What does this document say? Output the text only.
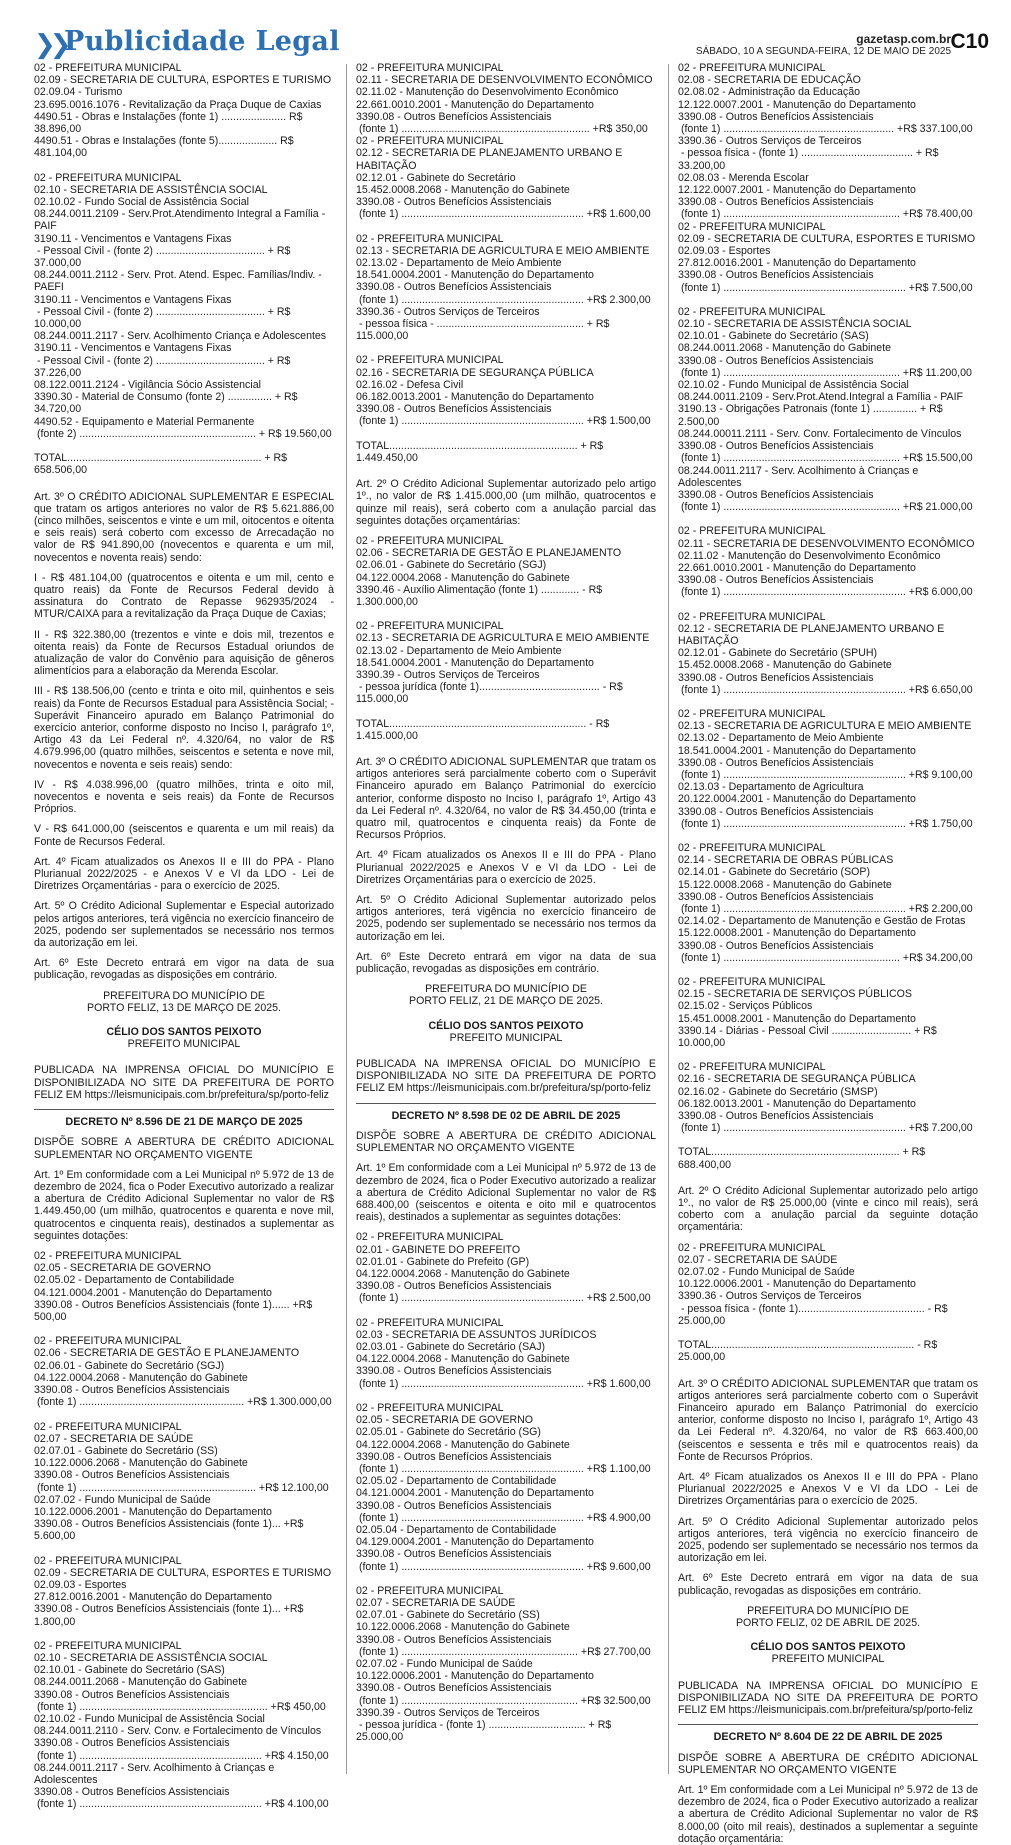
❯❯
Publicidade Legal	gazetasp.com.br
SÁBADO, 10 A SEGUNDA-FEIRA, 12 DE MAIO DE 2025 C10
02 - PREFEITURA MUNICIPAL
02.09 - SECRETARIA DE CULTURA, ESPORTES E TURISMO
02.09.04 - Turismo
23.695.0016.1076 - Revitalização da Praça Duque de Caxias
4490.51 - Obras e Instalações (fonte 1) ...................... R$ 38.896,00
4490.51 - Obras e Instalações (fonte 5).................... R$ 481.104,00
02 - PREFEITURA MUNICIPAL
02.10 - SECRETARIA DE ASSISTÊNCIA SOCIAL
02.10.02 - Fundo Social de Assistência Social
08.244.0011.2109 - Serv.Prot.Atendimento Integral a Família - PAIF
3190.11 - Vencimentos e Vantagens Fixas
- Pessoal Civil - (fonte 2) ..................................... + R$ 37.000,00
08.244.0011.2112 - Serv. Prot. Atend. Espec. Famílias/Indiv. - PAEFI
3190.11 - Vencimentos e Vantagens Fixas
- Pessoal Civil - (fonte 2) ..................................... + R$ 10.000,00
08.244.0011.2117 - Serv. Acolhimento Criança e Adolescentes
3190.11 - Vencimentos e Vantagens Fixas
- Pessoal Civil - (fonte 2) ..................................... + R$ 37.226,00
08.122.0011.2124 - Vigilância Sócio Assistencial
3390.30 - Material de Consumo (fonte 2) ............... + R$ 34.720,00
4490.52 - Equipamento e Material Permanente
(fonte 2) ............................................................ + R$ 19.560,00
TOTAL.................................................................. + R$ 658.506,00
Art. 3º O CRÉDITO ADICIONAL SUPLEMENTAR E ESPECIAL que tratam os artigos anteriores no valor de R$ 5.621.886,00 (cinco milhões, seiscentos e vinte e um mil, oitocentos e oitenta e seis reais) será coberto com excesso de Arrecadação no valor de R$ 941.890,00 (novecentos e quarenta e um mil, novecentos e noventa reais) sendo:
I - R$ 481.104,00 (quatrocentos e oitenta e um mil, cento e quatro reais) da Fonte de Recursos Federal devido à assinatura do Contrato de Repasse 962935/2024 -MTUR/CAIXA para a revitalização da Praça Duque de Caxias;
II - R$ 322.380,00 (trezentos e vinte e dois mil, trezentos e oitenta reais) da Fonte de Recursos Estadual oriundos de atualização de valor do Convênio para aquisição de gêneros alimentícios para a elaboração da Merenda Escolar.
III - R$ 138.506,00 (cento e trinta e oito mil, quinhentos e seis reais) da Fonte de Recursos Estadual para Assistência Social; - Superávit Financeiro apurado em Balanço Patrimonial do exercício anterior, conforme disposto no Inciso I, parágrafo 1º, Artigo 43 da Lei Federal nº. 4.320/64, no valor de R$ 4.679.996,00 (quatro milhões, seiscentos e setenta e nove mil, novecentos e noventa e seis reais) sendo:
IV - R$ 4.038.996,00 (quatro milhões, trinta e oito mil, novecentos e noventa e seis reais) da Fonte de Recursos Próprios.
V - R$ 641.000,00 (seiscentos e quarenta e um mil reais) da Fonte de Recursos Federal.
Art. 4º Ficam atualizados os Anexos II e III do PPA - Plano Plurianual 2022/2025 - e Anexos V e VI da LDO - Lei de Diretrizes Orçamentárias - para o exercício de 2025.
Art. 5º O Crédito Adicional Suplementar e Especial autorizado pelos artigos anteriores, terá vigência no exercício financeiro de 2025, podendo ser suplementados se necessário nos termos da autorização em lei.
Art. 6º Este Decreto entrará em vigor na data de sua publicação, revogadas as disposições em contrário.
PREFEITURA DO MUNICÍPIO DE
PORTO FELIZ, 13 DE MARÇO DE 2025.
CÉLIO DOS SANTOS PEIXOTO
PREFEITO MUNICIPAL
PUBLICADA NA IMPRENSA OFICIAL DO MUNICÍPIO E DISPONIBILIZADA NO SITE DA PREFEITURA DE PORTO FELIZ EM https://leismunicipais.com.br/prefeitura/sp/porto-feliz
DECRETO Nº 8.596 DE 21 DE MARÇO DE 2025
DISPÕE SOBRE A ABERTURA DE CRÉDITO ADICIONAL SUPLEMENTAR NO ORÇAMENTO VIGENTE
Art. 1º Em conformidade com a Lei Municipal nº 5.972 de 13 de dezembro de 2024, fica o Poder Executivo autorizado a realizar a abertura de Crédito Adicional Suplementar no valor de R$ 1.449.450,00 (um milhão, quatrocentos e quarenta e nove mil, quatrocentos e cinquenta reais), destinados a suplementar as seguintes dotações:
02 - PREFEITURA MUNICIPAL
02.05 - SECRETARIA DE GOVERNO
02.05.02 - Departamento de Contabilidade
04.121.0004.2001 - Manutenção do Departamento
3390.08 - Outros Benefícios Assistenciais (fonte 1)...... +R$ 500,00
02 - PREFEITURA MUNICIPAL
02.06 - SECRETARIA DE GESTÃO E PLANEJAMENTO
02.06.01 - Gabinete do Secretário (SGJ)
04.122.0004.2068 - Manutenção do Gabinete
3390.08 - Outros Benefícios Assistenciais
(fonte 1) ........................................................ +R$ 1.300.000,00
02 - PREFEITURA MUNICIPAL
02.07 - SECRETARIA DE SAÚDE
02.07.01 - Gabinete do Secretário (SS)
10.122.0006.2068 - Manutenção do Gabinete
3390.08 - Outros Benefícios Assistenciais
(fonte 1) ............................................................ +R$ 12.100,00
02.07.02 - Fundo Municipal de Saúde
10.122.0006.2001 - Manutenção do Departamento
3390.08 - Outros Benefícios Assistenciais (fonte 1)... +R$ 5.600,00
02 - PREFEITURA MUNICIPAL
02.09 - SECRETARIA DE CULTURA, ESPORTES E TURISMO
02.09.03 - Esportes
27.812.0016.2001 - Manutenção do Departamento
3390.08 - Outros Benefícios Assistenciais (fonte 1)... +R$ 1.800,00
02 - PREFEITURA MUNICIPAL
02.10 - SECRETARIA DE ASSISTÊNCIA SOCIAL
02.10.01 - Gabinete do Secretário (SAS)
08.244.0011.2068 - Manutenção do Gabinete
3390.08 - Outros Benefícios Assistenciais
(fonte 1) ................................................................ +R$ 450,00
02.10.02 - Fundo Municipal de Assistência Social
08.244.0011.2110 - Serv. Conv. e Fortalecimento de Vínculos
3390.08 - Outros Benefícios Assistenciais
(fonte 1) .............................................................. +R$ 4.150,00
08.244.0011.2117 - Serv. Acolhimento à Crianças e Adolescentes
3390.08 - Outros Benefícios Assistenciais
(fonte 1) .............................................................. +R$ 4.100,00
02 - PREFEITURA MUNICIPAL
02.11 - SECRETARIA DE DESENVOLVIMENTO ECONÔMICO
02.11.02 - Manutenção do Desenvolvimento Econômico
22.661.0010.2001 - Manutenção do Departamento
3390.08 - Outros Benefícios Assistenciais
(fonte 1) ................................................................ +R$ 350,00
02 - PREFEITURA MUNICIPAL
02.12 - SECRETARIA DE PLANEJAMENTO URBANO E HABITAÇÃO
02.12.01 - Gabinete do Secretário
15.452.0008.2068 - Manutenção do Gabinete
3390.08 - Outros Benefícios Assistenciais
(fonte 1) .............................................................. +R$ 1.600,00
02 - PREFEITURA MUNICIPAL
02.13 - SECRETARIA DE AGRICULTURA E MEIO AMBIENTE
02.13.02 - Departamento de Meio Ambiente
18.541.0004.2001 - Manutenção do Departamento
3390.08 - Outros Benefícios Assistenciais
(fonte 1) .............................................................. +R$ 2.300,00
3390.36 - Outros Serviços de Terceiros
- pessoa física - .................................................. + R$ 115.000,00
02 - PREFEITURA MUNICIPAL
02.16 - SECRETARIA DE SEGURANÇA PÚBLICA
02.16.02 - Defesa Civil
06.182.0013.2001 - Manutenção do Departamento
3390.08 - Outros Benefícios Assistenciais
(fonte 1) .............................................................. +R$ 1.500,00
TOTAL................................................................ + R$ 1.449.450,00
Art. 2º O Crédito Adicional Suplementar autorizado pelo artigo 1º., no valor de R$ 1.415.000,00 (um milhão, quatrocentos e quinze mil reais), será coberto com a anulação parcial das seguintes dotações orçamentárias:
02 - PREFEITURA MUNICIPAL
02.06 - SECRETARIA DE GESTÃO E PLANEJAMENTO
02.06.01 - Gabinete do Secretário (SGJ)
04.122.0004.2068 - Manutenção do Gabinete
3390.46 - Auxílio Alimentação (fonte 1) ............. - R$ 1.300.000,00
02 - PREFEITURA MUNICIPAL
02.13 - SECRETARIA DE AGRICULTURA E MEIO AMBIENTE
02.13.02 - Departamento de Meio Ambiente
18.541.0004.2001 - Manutenção do Departamento
3390.39 - Outros Serviços de Terceiros
- pessoa jurídica (fonte 1)......................................... - R$ 115.000,00
TOTAL................................................................... - R$ 1.415.000,00
Art. 3º O CRÉDITO ADICIONAL SUPLEMENTAR que tratam os artigos anteriores será parcialmente coberto com o Superávit Financeiro apurado em Balanço Patrimonial do exercício anterior, conforme disposto no Inciso I, parágrafo 1º, Artigo 43 da Lei Federal nº. 4.320/64, no valor de R$ 34.450,00 (trinta e quatro mil, quatrocentos e cinquenta reais) da Fonte de Recursos Próprios.
Art. 4º Ficam atualizados os Anexos II e III do PPA - Plano Plurianual 2022/2025 e Anexos V e VI da LDO - Lei de Diretrizes Orçamentárias para o exercício de 2025.
Art. 5º O Crédito Adicional Suplementar autorizado pelos artigos anteriores, terá vigência no exercício financeiro de 2025, podendo ser suplementado se necessário nos termos da autorização em lei.
Art. 6º Este Decreto entrará em vigor na data de sua publicação, revogadas as disposições em contrário.
PREFEITURA DO MUNICÍPIO DE
PORTO FELIZ, 21 DE MARÇO DE 2025.
CÉLIO DOS SANTOS PEIXOTO
PREFEITO MUNICIPAL
PUBLICADA NA IMPRENSA OFICIAL DO MUNICÍPIO E DISPONIBILIZADA NO SITE DA PREFEITURA DE PORTO FELIZ EM https://leismunicipais.com.br/prefeitura/sp/porto-feliz
DECRETO Nº 8.598 DE 02 DE ABRIL DE 2025
DISPÕE SOBRE A ABERTURA DE CRÉDITO ADICIONAL SUPLEMENTAR NO ORÇAMENTO VIGENTE
Art. 1º Em conformidade com a Lei Municipal nº 5.972 de 13 de dezembro de 2024, fica o Poder Executivo autorizado a realizar a abertura de Crédito Adicional Suplementar no valor de R$ 688.400,00 (seiscentos e oitenta e oito mil e quatrocentos reais), destinados a suplementar as seguintes dotações:
02 - PREFEITURA MUNICIPAL
02.01 - GABINETE DO PREFEITO
02.01.01 - Gabinete do Prefeito (GP)
04.122.0004.2068 - Manutenção do Gabinete
3390.08 - Outros Benefícios Assistenciais
(fonte 1) .............................................................. +R$ 2.500,00
02 - PREFEITURA MUNICIPAL
02.03 - SECRETARIA DE ASSUNTOS JURÍDICOS
02.03.01 - Gabinete do Secretário (SAJ)
04.122.0004.2068 - Manutenção do Gabinete
3390.08 - Outros Benefícios Assistenciais
(fonte 1) .............................................................. +R$ 1.600,00
02 - PREFEITURA MUNICIPAL
02.05 - SECRETARIA DE GOVERNO
02.05.01 - Gabinete do Secretário (SG)
04.122.0004.2068 - Manutenção do Gabinete
3390.08 - Outros Benefícios Assistenciais
(fonte 1) .............................................................. +R$ 1.100,00
02.05.02 - Departamento de Contabilidade
04.121.0004.2001 - Manutenção do Departamento
3390.08 - Outros Benefícios Assistenciais
(fonte 1) .............................................................. +R$ 4.900,00
02.05.04 - Departamento de Contabilidade
04.129.0004.2001 - Manutenção do Departamento
3390.08 - Outros Benefícios Assistenciais
(fonte 1) .............................................................. +R$ 9.600,00
02 - PREFEITURA MUNICIPAL
02.07 - SECRETARIA DE SAÚDE
02.07.01 - Gabinete do Secretário (SS)
10.122.0006.2068 - Manutenção do Gabinete
3390.08 - Outros Benefícios Assistenciais
(fonte 1) ............................................................ +R$ 27.700,00
02.07.02 - Fundo Municipal de Saúde
10.122.0006.2001 - Manutenção do Departamento
3390.08 - Outros Benefícios Assistenciais
(fonte 1) ............................................................ +R$ 32.500,00
3390.39 - Outros Serviços de Terceiros
- pessoa jurídica - (fonte 1) ................................. + R$ 25.000,00
02 - PREFEITURA MUNICIPAL
02.08 - SECRETARIA DE EDUCAÇÃO
02.08.02 - Administração da Educação
12.122.0007.2001 - Manutenção do Departamento
3390.08 - Outros Benefícios Assistenciais
(fonte 1) .......................................................... +R$ 337.100,00
3390.36 - Outros Serviços de Terceiros
- pessoa física - (fonte 1) ...................................... + R$ 33.200,00
02.08.03 - Merenda Escolar
12.122.0007.2001 - Manutenção do Departamento
3390.08 - Outros Benefícios Assistenciais
(fonte 1) ............................................................ +R$ 78.400,00
02 - PREFEITURA MUNICIPAL
02.09 - SECRETARIA DE CULTURA, ESPORTES E TURISMO
02.09.03 - Esportes
27.812.0016.2001 - Manutenção do Departamento
3390.08 - Outros Benefícios Assistenciais
(fonte 1) .............................................................. +R$ 7.500,00
02 - PREFEITURA MUNICIPAL
02.10 - SECRETARIA DE ASSISTÊNCIA SOCIAL
02.10.01 - Gabinete do Secretário (SAS)
08.244.0011.2068 - Manutenção do Gabinete
3390.08 - Outros Benefícios Assistenciais
(fonte 1) ............................................................ +R$ 11.200,00
02.10.02 - Fundo Municipal de Assistência Social
08.244.0011.2109 - Serv.Prot.Atend.Integral a Família - PAIF
3190.13 - Obrigações Patronais (fonte 1) ............... + R$ 2.500,00
08.244.00011.2111 - Serv. Conv. Fortalecimento de Vínculos
3390.08 - Outros Benefícios Assistenciais
(fonte 1) ............................................................ +R$ 15.500,00
08.244.0011.2117 - Serv. Acolhimento à Crianças e Adolescentes
3390.08 - Outros Benefícios Assistenciais
(fonte 1) ............................................................ +R$ 21.000,00
02 - PREFEITURA MUNICIPAL
02.11 - SECRETARIA DE DESENVOLVIMENTO ECONÔMICO
02.11.02 - Manutenção do Desenvolvimento Econômico
22.661.0010.2001 - Manutenção do Departamento
3390.08 - Outros Benefícios Assistenciais
(fonte 1) .............................................................. +R$ 6.000,00
02 - PREFEITURA MUNICIPAL
02.12 - SECRETARIA DE PLANEJAMENTO URBANO E HABITAÇÃO
02.12.01 - Gabinete do Secretário (SPUH)
15.452.0008.2068 - Manutenção do Gabinete
3390.08 - Outros Benefícios Assistenciais
(fonte 1) .............................................................. +R$ 6.650,00
02 - PREFEITURA MUNICIPAL
02.13 - SECRETARIA DE AGRICULTURA E MEIO AMBIENTE
02.13.02 - Departamento de Meio Ambiente
18.541.0004.2001 - Manutenção do Departamento
3390.08 - Outros Benefícios Assistenciais
(fonte 1) .............................................................. +R$ 9.100,00
02.13.03 - Departamento de Agricultura
20.122.0004.2001 - Manutenção do Departamento
3390.08 - Outros Benefícios Assistenciais
(fonte 1) .............................................................. +R$ 1.750,00
02 - PREFEITURA MUNICIPAL
02.14 - SECRETARIA DE OBRAS PÚBLICAS
02.14.01 - Gabinete do Secretário (SOP)
15.122.0008.2068 - Manutenção do Gabinete
3390.08 - Outros Benefícios Assistenciais
(fonte 1) .............................................................. +R$ 2.200,00
02.14.02 - Departamento de Manutenção e Gestão de Frotas
15.122.0008.2001 - Manutenção do Departamento
3390.08 - Outros Benefícios Assistenciais
(fonte 1) ............................................................ +R$ 34.200,00
02 - PREFEITURA MUNICIPAL
02.15 - SECRETARIA DE SERVIÇOS PÚBLICOS
02.15.02 - Serviços Públicos
15.451.0008.2001 - Manutenção do Departamento
3390.14 - Diárias - Pessoal Civil ........................... + R$ 10.000,00
02 - PREFEITURA MUNICIPAL
02.16 - SECRETARIA DE SEGURANÇA PÚBLICA
02.16.02 - Gabinete do Secretário (SMSP)
06.182.0013.2001 - Manutenção do Departamento
3390.08 - Outros Benefícios Assistenciais
(fonte 1) .............................................................. +R$ 7.200,00
TOTAL................................................................ + R$ 688.400,00
Art. 2º O Crédito Adicional Suplementar autorizado pelo artigo 1º., no valor de R$ 25.000,00 (vinte e cinco mil reais), será coberto com a anulação parcial da seguinte dotação orçamentária:
02 - PREFEITURA MUNICIPAL
02.07 - SECRETARIA DE SAÚDE
02.07.02 - Fundo Municipal de Saúde
10.122.0006.2001 - Manutenção do Departamento
3390.36 - Outros Serviços de Terceiros
- pessoa física - (fonte 1)........................................... - R$ 25.000,00
TOTAL..................................................................... - R$ 25.000,00
Art. 3º O CRÉDITO ADICIONAL SUPLEMENTAR que tratam os artigos anteriores será parcialmente coberto com o Superávit Financeiro apurado em Balanço Patrimonial do exercício anterior, conforme disposto no Inciso I, parágrafo 1º, Artigo 43 da Lei Federal nº. 4.320/64, no valor de R$ 663.400,00 (seiscentos e sessenta e três mil e quatrocentos reais) da Fonte de Recursos Próprios.
Art. 4º Ficam atualizados os Anexos II e III do PPA - Plano Plurianual 2022/2025 e Anexos V e VI da LDO - Lei de Diretrizes Orçamentárias para o exercício de 2025.
Art. 5º O Crédito Adicional Suplementar autorizado pelos artigos anteriores, terá vigência no exercício financeiro de 2025, podendo ser suplementado se necessário nos termos da autorização em lei.
Art. 6º Este Decreto entrará em vigor na data de sua publicação, revogadas as disposições em contrário.
PREFEITURA DO MUNICÍPIO DE
PORTO FELIZ, 02 DE ABRIL DE 2025.
CÉLIO DOS SANTOS PEIXOTO
PREFEITO MUNICIPAL
PUBLICADA NA IMPRENSA OFICIAL DO MUNICÍPIO E DISPONIBILIZADA NO SITE DA PREFEITURA DE PORTO FELIZ EM https://leismunicipais.com.br/prefeitura/sp/porto-feliz
DECRETO Nº 8.604 DE 22 DE ABRIL DE 2025
DISPÕE SOBRE A ABERTURA DE CRÉDITO ADICIONAL SUPLEMENTAR NO ORÇAMENTO VIGENTE
Art. 1º Em conformidade com a Lei Municipal nº 5.972 de 13 de dezembro de 2024, fica o Poder Executivo autorizado a realizar a abertura de Crédito Adicional Suplementar no valor de R$ 8.000,00 (oito mil reais), destinados a suplementar a seguinte dotação orçamentária:
